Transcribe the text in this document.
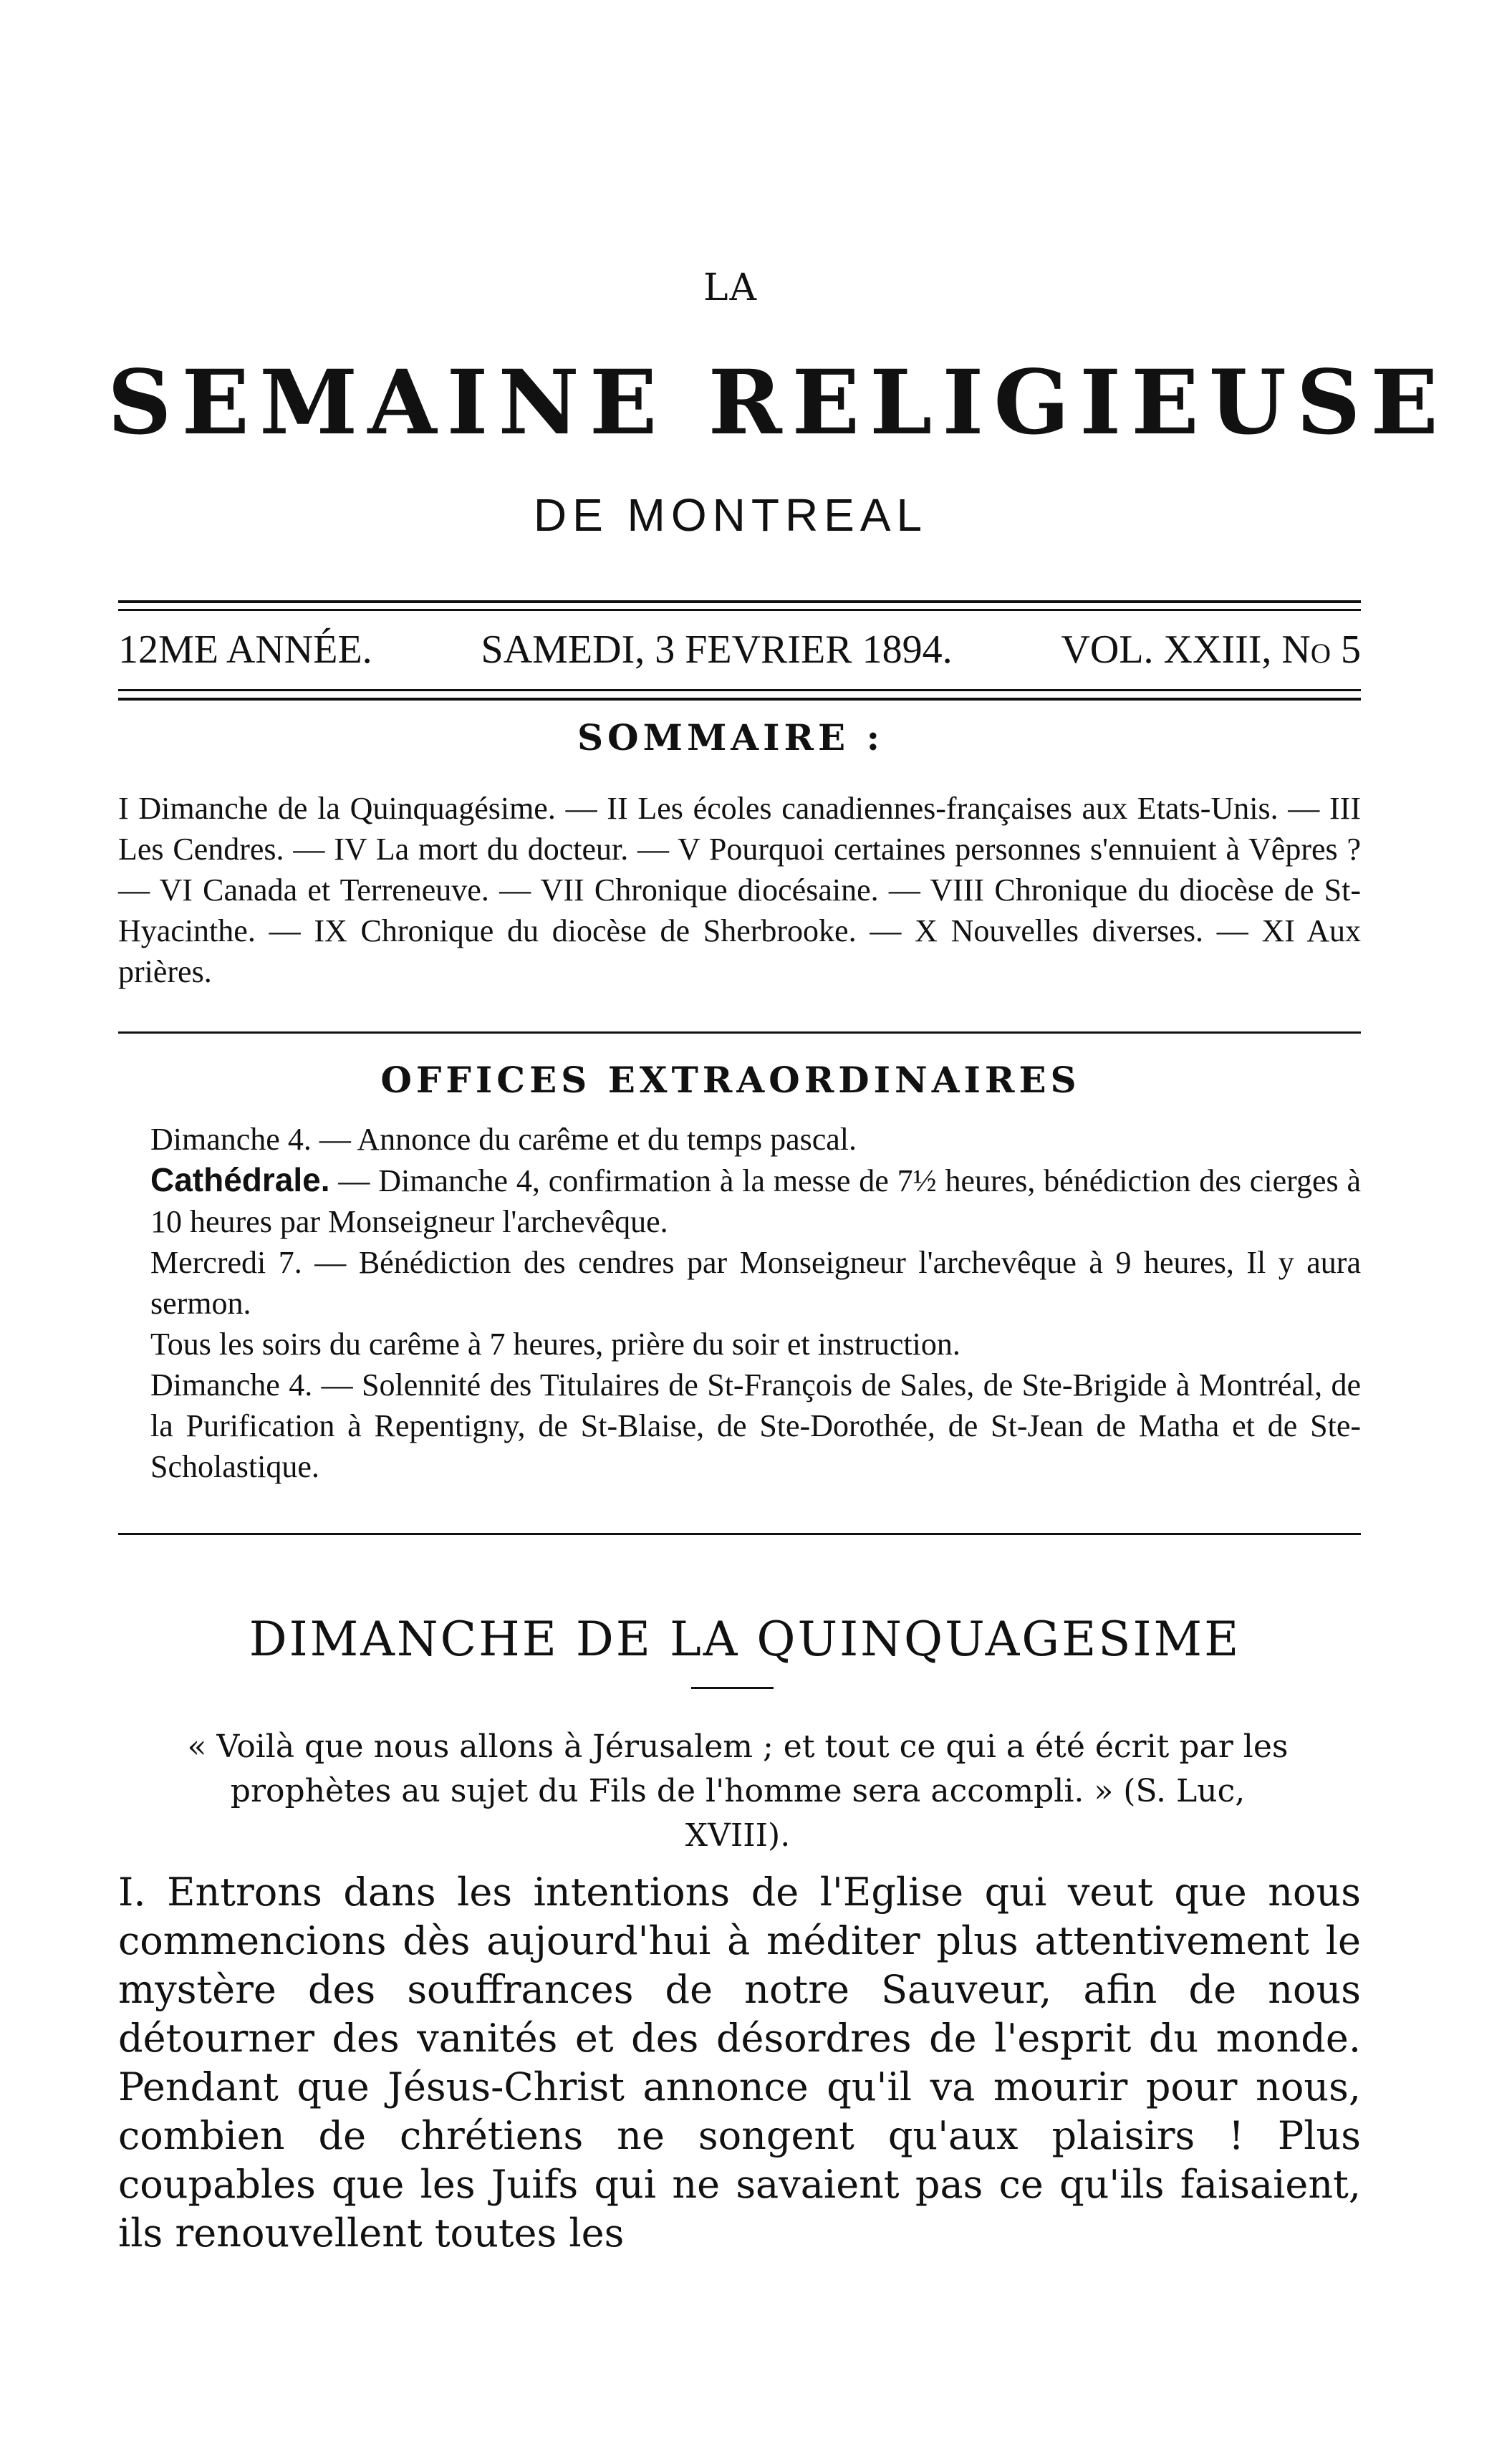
LA
SEMAINE RELIGIEUSE
DE MONTREAL
12ME ANNÉE.	SAMEDI, 3 FEVRIER 1894.	VOL. XXIII, No 5
SOMMAIRE :
I Dimanche de la Quinquagésime. — II Les écoles canadiennes-françaises aux Etats-Unis. — III Les Cendres. — IV La mort du docteur. — V Pourquoi certaines personnes s'ennuient à Vêpres ? — VI Canada et Terreneuve. — VII Chronique diocésaine. — VIII Chronique du diocèse de St-Hyacinthe. — IX Chronique du diocèse de Sherbrooke. — X Nouvelles diverses. — XI Aux prières.
OFFICES EXTRAORDINAIRES

Dimanche 4. — Annonce du carême et du temps pascal.

Cathédrale. — Dimanche 4, confirmation à la messe de 7½ heures, bénédiction des cierges à 10 heures par Monseigneur l'archevêque.

Mercredi 7. — Bénédiction des cendres par Monseigneur l'archevêque à 9 heures, Il y aura sermon.

Tous les soirs du carême à 7 heures, prière du soir et instruction.

Dimanche 4. — Solennité des Titulaires de St-François de Sales, de Ste-Brigide à Montréal, de la Purification à Repentigny, de St-Blaise, de Ste-Dorothée, de St-Jean de Matha et de Ste-Scholastique.

DIMANCHE DE LA QUINQUAGESIME
« Voilà que nous allons à Jérusalem ; et tout ce qui a été écrit par les prophètes au sujet du Fils de l'homme sera accompli. » (S. Luc, XVIII).
I. Entrons dans les intentions de l'Eglise qui veut que nous commencions dès aujourd'hui à méditer plus attentivement le mystère des souffrances de notre Sauveur, afin de nous détourner des vanités et des désordres de l'esprit du monde. Pendant que Jésus-Christ annonce qu'il va mourir pour nous, combien de chrétiens ne songent qu'aux plaisirs ! Plus coupables que les Juifs qui ne savaient pas ce qu'ils faisaient, ils renouvellent toutes les
